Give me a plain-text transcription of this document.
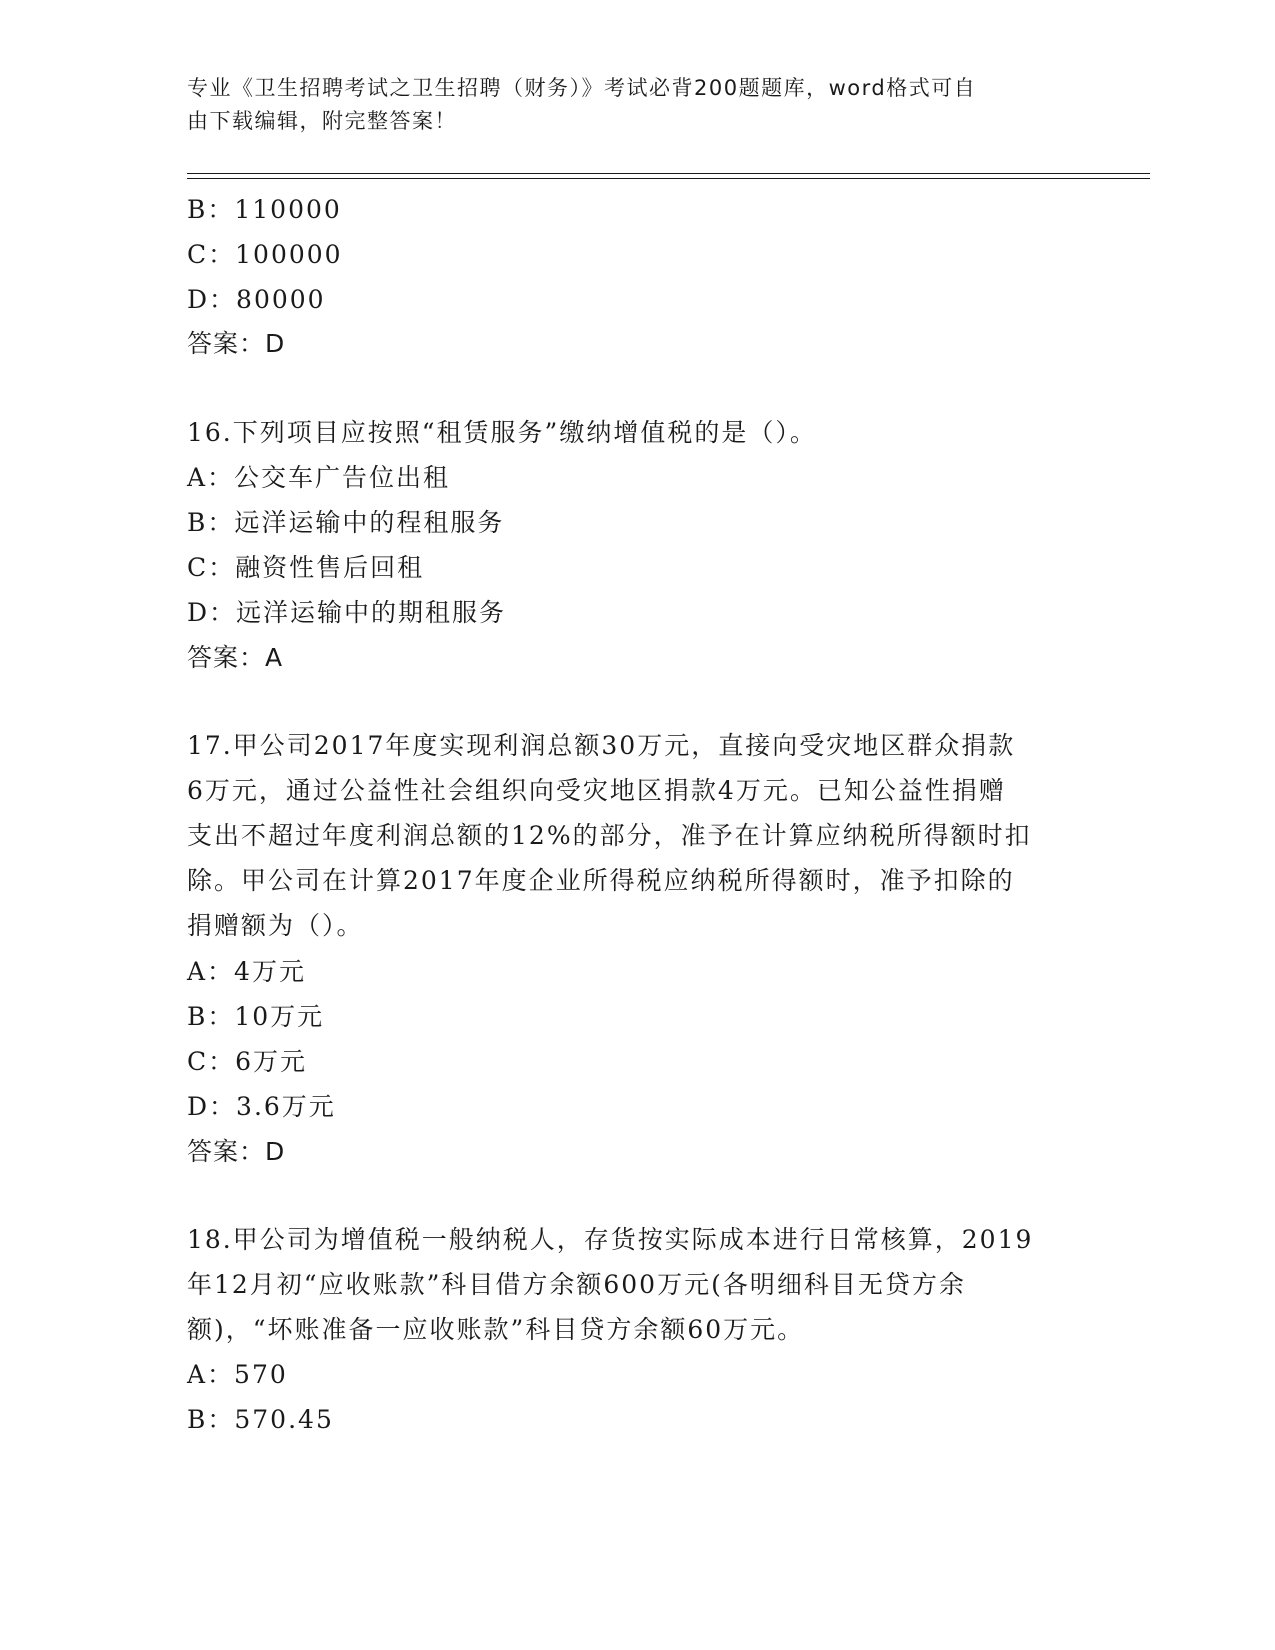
专业《卫生招聘考试之卫生招聘（财务）》考试必背200题题库，word格式可自
由下载编辑，附完整答案！
B：110000
C：100000
D：80000
答案：D
16.下列项目应按照“租赁服务”缴纳增值税的是（）。
A：公交车广告位出租
B：远洋运输中的程租服务
C：融资性售后回租
D：远洋运输中的期租服务
答案：A
17.甲公司2017年度实现利润总额30万元，直接向受灾地区群众捐款
6万元，通过公益性社会组织向受灾地区捐款4万元。已知公益性捐赠
支出不超过年度利润总额的12%的部分，准予在计算应纳税所得额时扣
除。甲公司在计算2017年度企业所得税应纳税所得额时，准予扣除的
捐赠额为（）。
A：4万元
B：10万元
C：6万元
D：3.6万元
答案：D
18.甲公司为增值税一般纳税人，存货按实际成本进行日常核算，2019
年12月初“应收账款”科目借方余额600万元(各明细科目无贷方余
额)，“坏账准备一应收账款”科目贷方余额60万元。
A：570
B：570.45
